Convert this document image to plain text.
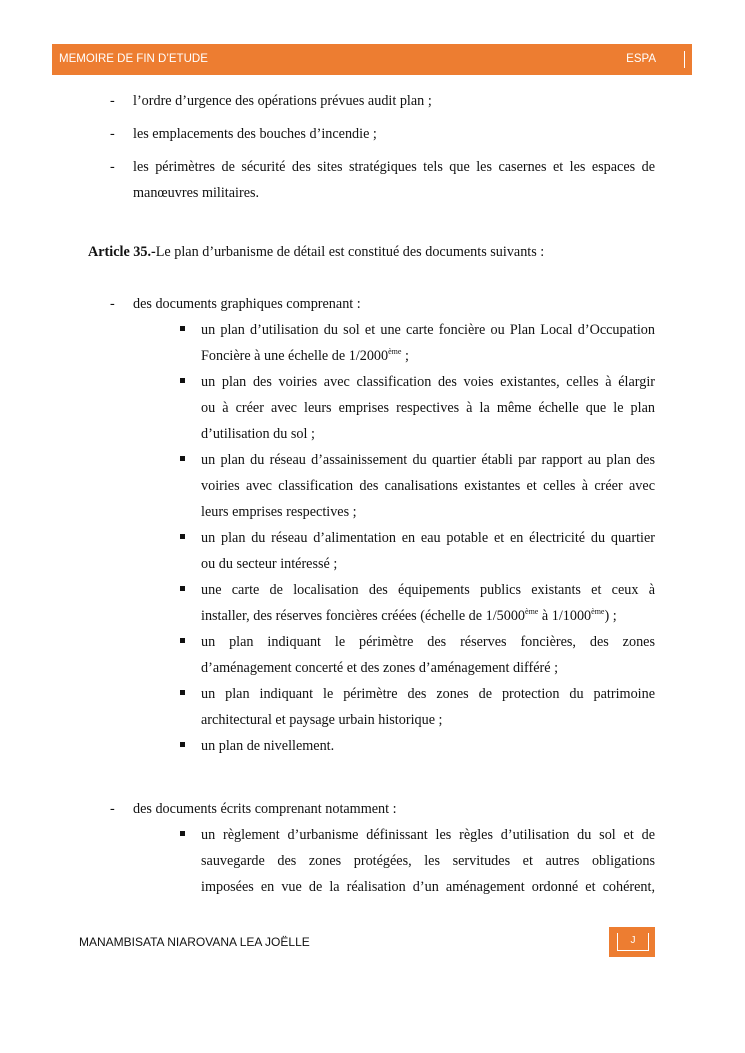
MEMOIRE DE FIN D’ETUDE	ESPA
- l’ordre d’urgence des opérations prévues audit plan ;
- les emplacements des bouches d’incendie ;
- les périmètres de sécurité des sites stratégiques tels que les casernes et les espaces de
manœuvres militaires.
Article 35.-Le plan d’urbanisme de détail est constitué des documents suivants :
- des documents graphiques comprenant :
un plan d’utilisation du sol et une carte foncière ou Plan Local d’Occupation
Foncière à une échelle de 1/2000ème ;
un plan des voiries avec classification des voies existantes, celles à élargir
ou à créer avec leurs emprises respectives à la même échelle que le plan
d’utilisation du sol ;
un plan du réseau d’assainissement du quartier établi par rapport au plan des
voiries avec classification des canalisations existantes et celles à créer avec
leurs emprises respectives ;
un plan du réseau d’alimentation en eau potable et en électricité du quartier
ou du secteur intéressé ;
une carte de localisation des équipements publics existants et ceux à
installer, des réserves foncières créées (échelle de 1/5000ème à 1/1000ème) ;
un plan indiquant le périmètre des réserves foncières, des zones
d’aménagement concerté et des zones d’aménagement différé ;
un plan indiquant le périmètre des zones de protection du patrimoine
architectural et paysage urbain historique ;
un plan de nivellement.
- des documents écrits comprenant notamment :
un règlement d’urbanisme définissant les règles d’utilisation du sol et de
sauvegarde des zones protégées, les servitudes et autres obligations
imposées en vue de la réalisation d’un aménagement ordonné et cohérent,
MANAMBISATA NIAROVANA LEA JOËLLE	J
